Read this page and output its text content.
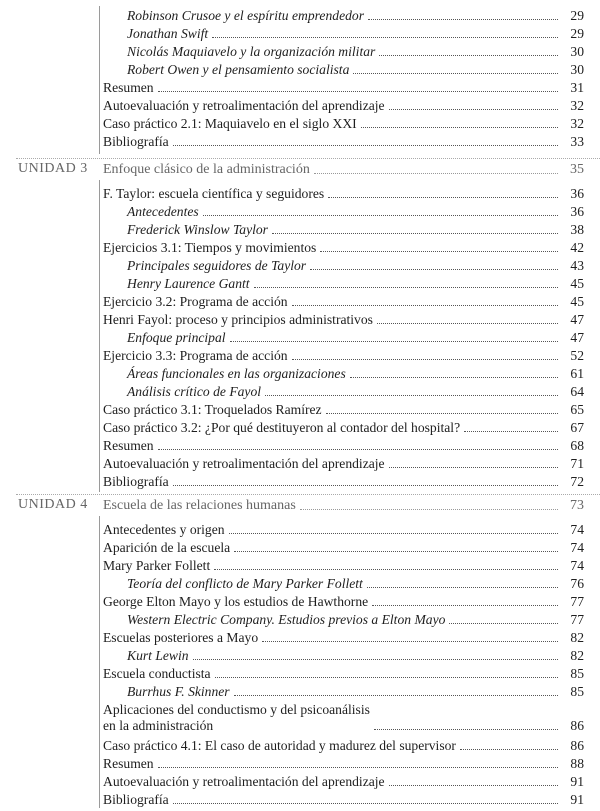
Robinson Crusoe y el espíritu emprendedor	29
Jonathan Swift	29
Nicolás Maquiavelo y la organización militar	30
Robert Owen y el pensamiento socialista	30
Resumen	31
Autoevaluación y retroalimentación del aprendizaje	32
Caso práctico 2.1: Maquiavelo en el siglo XXI	32
Bibliografía	33
UNIDAD 3 Enfoque clásico de la administración	35
F. Taylor: escuela científica y seguidores	36
Antecedentes	36
Frederick Winslow Taylor	38
Ejercicios 3.1: Tiempos y movimientos	42
Principales seguidores de Taylor	43
Henry Laurence Gantt	45
Ejercicio 3.2: Programa de acción	45
Henri Fayol: proceso y principios administrativos	47
Enfoque principal	47
Ejercicio 3.3: Programa de acción	52
Áreas funcionales en las organizaciones	61
Análisis crítico de Fayol	64
Caso práctico 3.1: Troquelados Ramírez	65
Caso práctico 3.2: ¿Por qué destituyeron al contador del hospital?	67
Resumen	68
Autoevaluación y retroalimentación del aprendizaje	71
Bibliografía	72
UNIDAD 4 Escuela de las relaciones humanas	73
Antecedentes y origen	74
Aparición de la escuela	74
Mary Parker Follett	74
Teoría del conflicto de Mary Parker Follett	76
George Elton Mayo y los estudios de Hawthorne	77
Western Electric Company. Estudios previos a Elton Mayo	77
Escuelas posteriores a Mayo	82
Kurt Lewin	82
Escuela conductista	85
Burrhus F. Skinner	85
Aplicaciones del conductismo y del psicoanálisis
en la administración	86
Caso práctico 4.1: El caso de autoridad y madurez del supervisor	86
Resumen	88
Autoevaluación y retroalimentación del aprendizaje	91
Bibliografía	91
